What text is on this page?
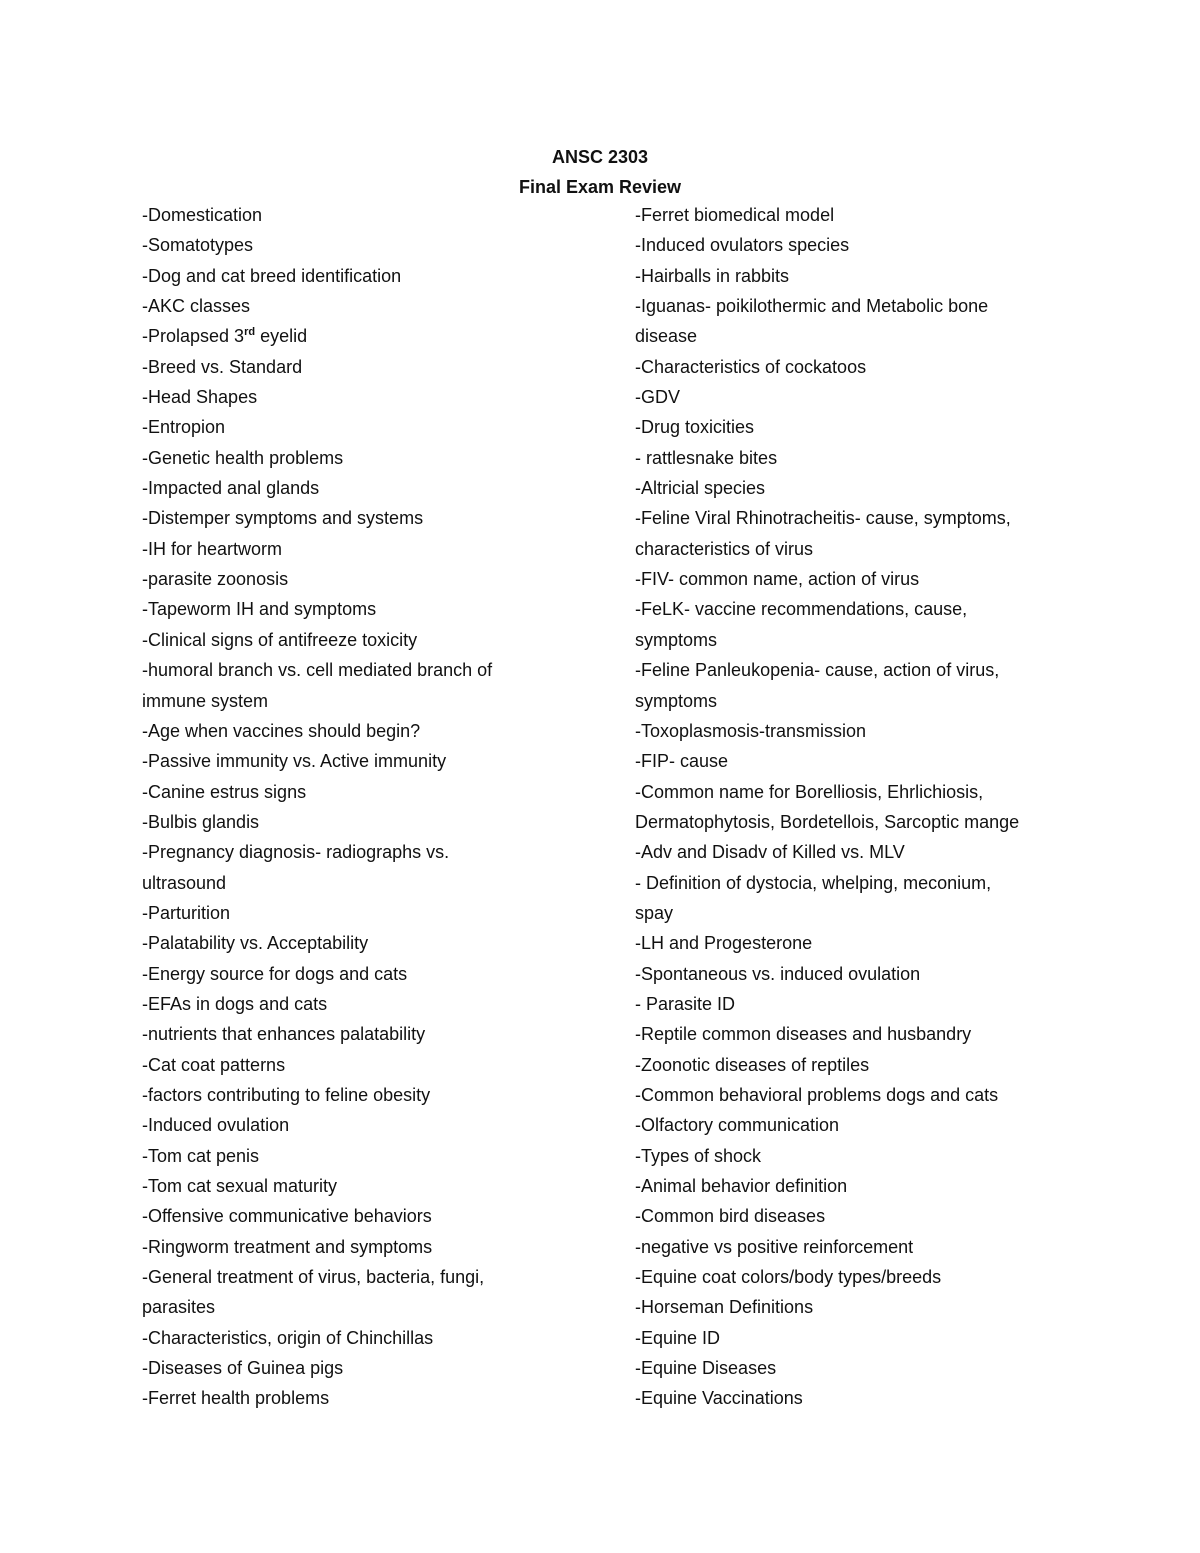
ANSC 2303
Final Exam Review
-Domestication
-Somatotypes
-Dog and cat breed identification
-AKC classes
-Prolapsed 3rd eyelid
-Breed vs. Standard
-Head Shapes
-Entropion
-Genetic health problems
-Impacted anal glands
-Distemper symptoms and systems
-IH for heartworm
-parasite zoonosis
-Tapeworm IH and symptoms
-Clinical signs of antifreeze toxicity
-humoral branch vs. cell mediated branch of
immune system
-Age when vaccines should begin?
-Passive immunity vs. Active immunity
-Canine estrus signs
-Bulbis glandis
-Pregnancy diagnosis- radiographs vs.
ultrasound
-Parturition
-Palatability vs. Acceptability
-Energy source for dogs and cats
-EFAs in dogs and cats
-nutrients that enhances palatability
-Cat coat patterns
-factors contributing to feline obesity
-Induced ovulation
-Tom cat penis
-Tom cat sexual maturity
-Offensive communicative behaviors
-Ringworm treatment and symptoms
-General treatment of virus, bacteria, fungi,
parasites
-Characteristics, origin of Chinchillas
-Diseases of Guinea pigs
-Ferret health problems
-Ferret biomedical model
-Induced ovulators species
-Hairballs in rabbits
-Iguanas- poikilothermic and Metabolic bone
disease
-Characteristics of cockatoos
-GDV
-Drug toxicities
- rattlesnake bites
-Altricial species
-Feline Viral Rhinotracheitis- cause, symptoms,
characteristics of virus
-FIV- common name, action of virus
-FeLK- vaccine recommendations, cause,
symptoms
-Feline Panleukopenia- cause, action of virus,
symptoms
-Toxoplasmosis-transmission
-FIP- cause
-Common name for Borelliosis, Ehrlichiosis,
Dermatophytosis, Bordetellois, Sarcoptic mange
-Adv and Disadv of Killed vs. MLV
- Definition of dystocia, whelping, meconium,
spay
-LH and Progesterone
-Spontaneous vs. induced ovulation
- Parasite ID
-Reptile common diseases and husbandry
-Zoonotic diseases of reptiles
-Common behavioral problems dogs and cats
-Olfactory communication
-Types of shock
-Animal behavior definition
-Common bird diseases
-negative vs positive reinforcement
-Equine coat colors/body types/breeds
-Horseman Definitions
-Equine ID
-Equine Diseases
-Equine Vaccinations
